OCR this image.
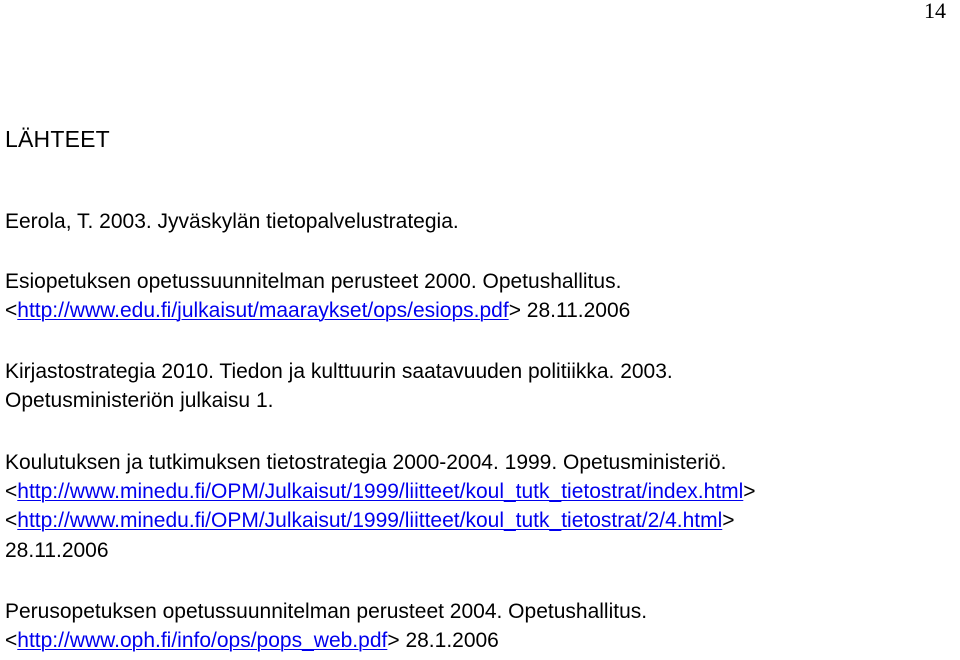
14
LÄHTEET
Eerola, T. 2003. Jyväskylän tietopalvelustrategia.
Esiopetuksen opetussuunnitelman perusteet 2000. Opetushallitus.
<http://www.edu.fi/julkaisut/maaraykset/ops/esiops.pdf> 28.11.2006
Kirjastostrategia 2010. Tiedon ja kulttuurin saatavuuden politiikka. 2003.
Opetusministeriön julkaisu 1.
Koulutuksen ja tutkimuksen tietostrategia 2000-2004. 1999. Opetusministeriö.
<http://www.minedu.fi/OPM/Julkaisut/1999/liitteet/koul_tutk_tietostrat/index.html>
<http://www.minedu.fi/OPM/Julkaisut/1999/liitteet/koul_tutk_tietostrat/2/4.html>
28.11.2006
Perusopetuksen opetussuunnitelman perusteet 2004. Opetushallitus.
<http://www.oph.fi/info/ops/pops_web.pdf> 28.1.2006
